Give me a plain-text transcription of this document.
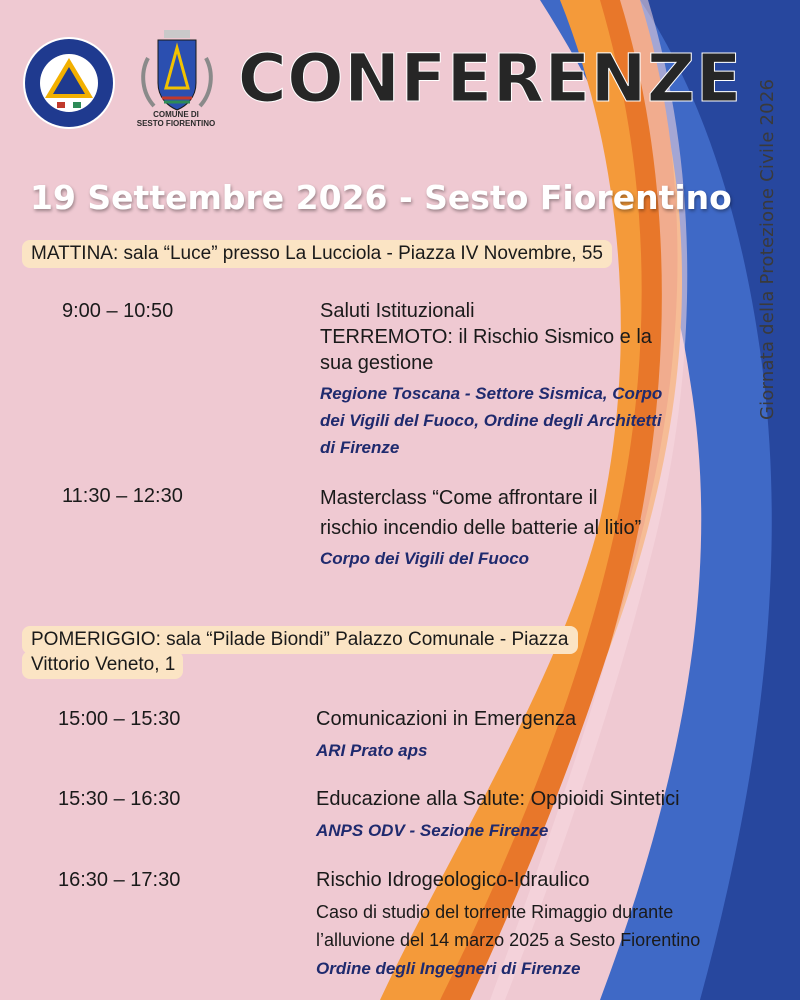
COMUNE DI
SESTO FIORENTINO
CONFERENZE
Giornata della Protezione Civile 2026
19 Settembre 2026 - Sesto Fiorentino
MATTINA: sala “Luce” presso La Lucciola - Piazza IV Novembre, 55
9:00 – 10:50	Saluti Istituzionali
TERREMOTO: il Rischio Sismico e la
sua gestione
Regione Toscana - Settore Sismica, Corpo
dei Vigili del Fuoco, Ordine degli Architetti
di Firenze
11:30 – 12:30	Masterclass “Come affrontare il
rischio incendio delle batterie al litio”
Corpo dei Vigili del Fuoco
POMERIGGIO: sala “Pilade Biondi” Palazzo Comunale - Piazza
Vittorio Veneto, 1
15:00 – 15:30	Comunicazioni in Emergenza
ARI Prato aps
15:30 – 16:30	Educazione alla Salute: Oppioidi Sintetici
ANPS ODV - Sezione Firenze
16:30 – 17:30	Rischio Idrogeologico-Idraulico
Caso di studio del torrente Rimaggio durante
l’alluvione del 14 marzo 2025 a Sesto Fiorentino
Ordine degli Ingegneri di Firenze
